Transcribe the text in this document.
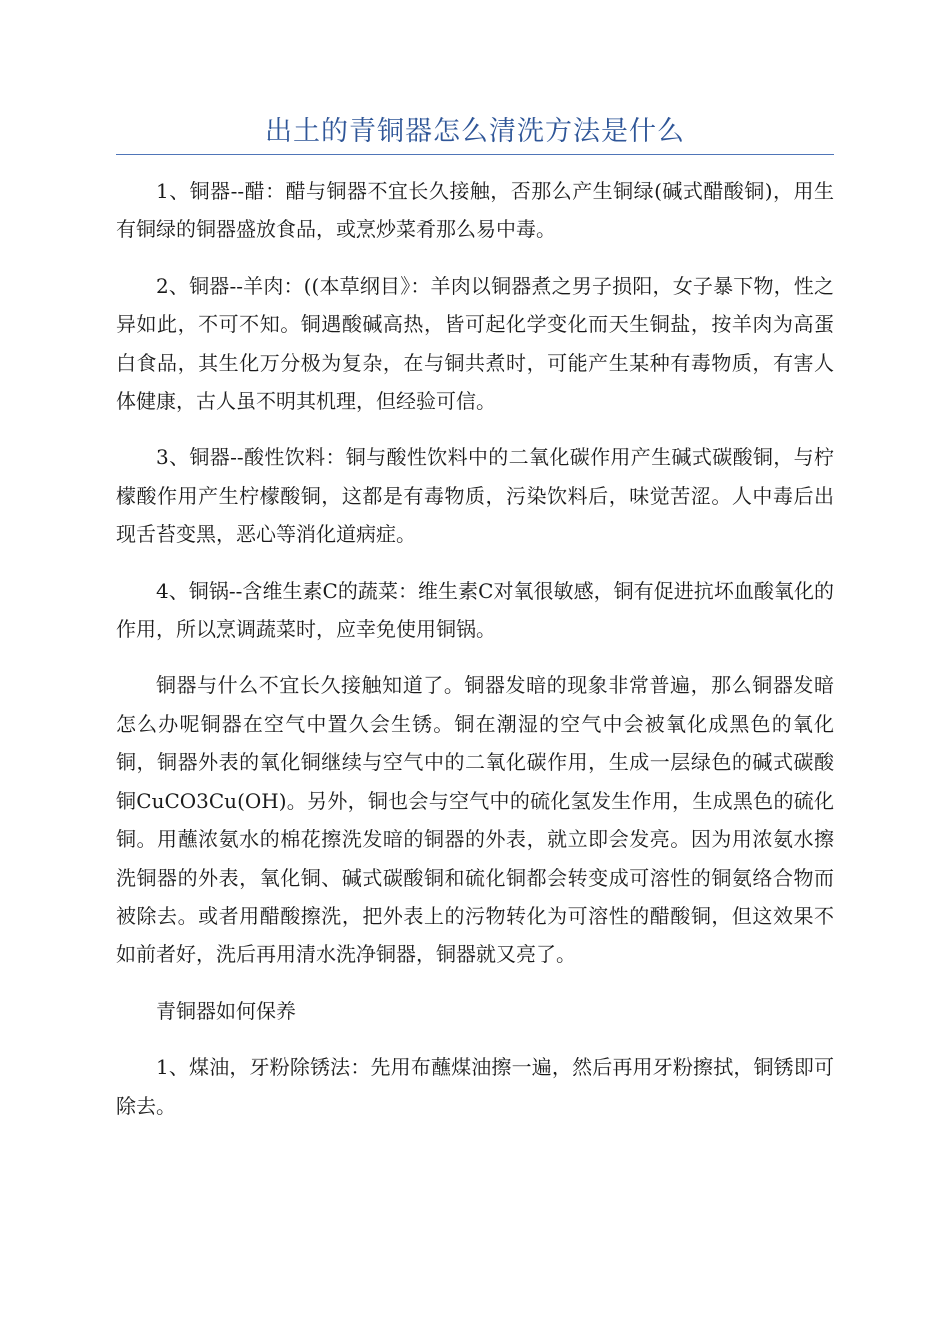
出土的青铜器怎么清洗方法是什么

1、铜器--醋：醋与铜器不宜长久接触，否那么产生铜绿(碱式醋酸铜)，用生有铜绿的铜器盛放食品，或烹炒菜肴那么易中毒。

2、铜器--羊肉：((本草纲目》：羊肉以铜器煮之男子损阳，女子暴下物，性之异如此，不可不知。铜遇酸碱高热，皆可起化学变化而天生铜盐，按羊肉为高蛋白食品，其生化万分极为复杂，在与铜共煮时，可能产生某种有毒物质，有害人体健康，古人虽不明其机理，但经验可信。

3、铜器--酸性饮料：铜与酸性饮料中的二氧化碳作用产生碱式碳酸铜，与柠檬酸作用产生柠檬酸铜，这都是有毒物质，污染饮料后，味觉苦涩。人中毒后出现舌苔变黑，恶心等消化道病症。

4、铜锅--含维生素C的蔬菜：维生素C对氧很敏感，铜有促进抗坏血酸氧化的作用，所以烹调蔬菜时，应幸免使用铜锅。

铜器与什么不宜长久接触知道了。铜器发暗的现象非常普遍，那么铜器发暗怎么办呢铜器在空气中置久会生锈。铜在潮湿的空气中会被氧化成黑色的氧化铜，铜器外表的氧化铜继续与空气中的二氧化碳作用，生成一层绿色的碱式碳酸铜CuCO3Cu(OH)。另外，铜也会与空气中的硫化氢发生作用，生成黑色的硫化铜。用蘸浓氨水的棉花擦洗发暗的铜器的外表，就立即会发亮。因为用浓氨水擦洗铜器的外表，氧化铜、碱式碳酸铜和硫化铜都会转变成可溶性的铜氨络合物而被除去。或者用醋酸擦洗，把外表上的污物转化为可溶性的醋酸铜，但这效果不如前者好，洗后再用清水洗净铜器，铜器就又亮了。

青铜器如何保养

1、煤油，牙粉除锈法：先用布蘸煤油擦一遍，然后再用牙粉擦拭，铜锈即可除去。
